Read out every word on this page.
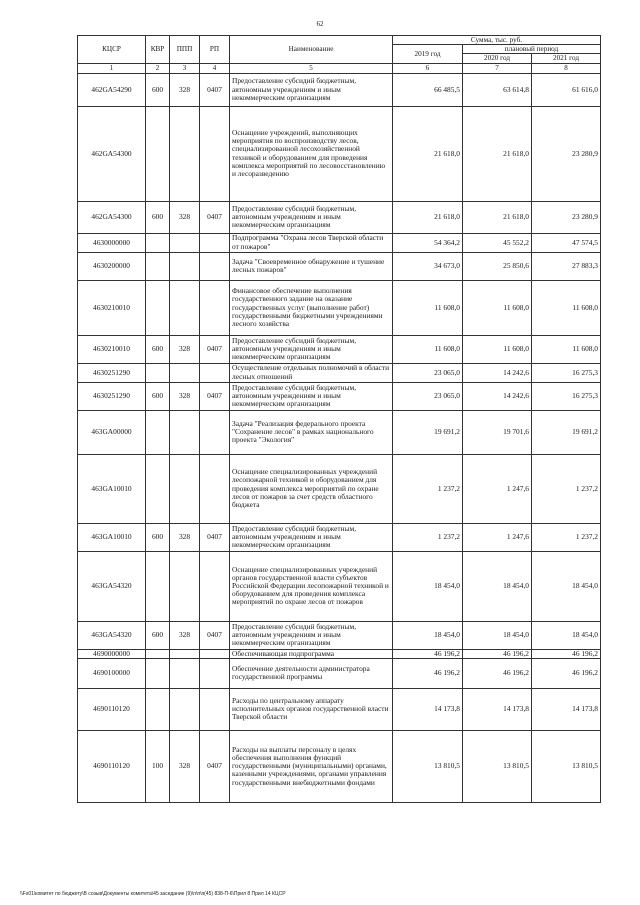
62
КЦСР	КВР	ППП	РП	Наименование	Сумма, тыс. руб.		
					2019 год	плановый период	
						2020 год	2021 год
1	2	3	4	5	6	7	8
462GA54290	600	328	0407	Предоставление субсидий бюджетным, автономным учреждениям и иным некоммерческим организациям	66 485,5	63 614,8	61 616,0
462GA54300				Оснащение учреждений, выполняющих мероприятия по воспроизводству лесов, специализированной лесохозяйственной техникой и оборудованием для проведения комплекса мероприятий по лесовосстановлению и лесоразведению	21 618,0	21 618,0	23 280,9
462GA54300	600	328	0407	Предоставление субсидий бюджетным, автономным учреждениям и иным некоммерческим организациям	21 618,0	21 618,0	23 280,9
4630000000				Подпрограмма "Охрана лесов Тверской области от пожаров"	54 364,2	45 552,2	47 574,5
4630200000				Задача "Своевременное обнаружение и тушение лесных пожаров"	34 673,0	25 850,6	27 883,3
4630210010				Финансовое обеспечение выполнения государственного задание на оказание государственных услуг (выполнение работ) государственными бюджетными учреждениями лесного хозяйства	11 608,0	11 608,0	11 608,0
4630210010	600	328	0407	Предоставление субсидий бюджетным, автономным учреждениям и иным некоммерческим организациям	11 608,0	11 608,0	11 608,0
4630251290				Осуществление отдельных полномочий в области лесных отношений	23 065,0	14 242,6	16 275,3
4630251290	600	328	0407	Предоставление субсидий бюджетным, автономным учреждениям и иным некоммерческим организациям	23 065,0	14 242,6	16 275,3
463GA00000				Задача "Реализация федерального проекта "Сохранение лесов" в рамках национального проекта "Экология"	19 691,2	19 701,6	19 691,2
463GA10010				Оснащение специализированных учреждений лесопожарной техникой и оборудованием для проведения комплекса мероприятий по охране лесов от пожаров за счет средств областного бюджета	1 237,2	1 247,6	1 237,2
463GA10010	600	328	0407	Предоставление субсидий бюджетным, автономным учреждениям и иным некоммерческим организациям	1 237,2	1 247,6	1 237,2
463GA54320				Оснащение специализированных учреждений органов государственной власти субъектов Российской Федерации лесопожарной техникой и оборудованием для проведения комплекса мероприятий по охране лесов от пожаров	18 454,0	18 454,0	18 454,0
463GA54320	600	328	0407	Предоставление субсидий бюджетным, автономным учреждениям и иным некоммерческим организациям	18 454,0	18 454,0	18 454,0
4690000000				Обеспечивающая подпрограмма	46 196,2	46 196,2	46 196,2
4690100000				Обеспечение деятельности администратора государственной программы	46 196,2	46 196,2	46 196,2
4690110120				Расходы по центральному аппарату исполнительных органов государственной власти Тверской области	14 173,8	14 173,8	14 173,8
4690110120	100	328	0407	Расходы на выплаты персоналу в целях обеспечения выполнения функций государственными (муниципальными) органами, казенными учреждениями, органами управления государственными внебюджетными фондами	13 810,5	13 810,5	13 810,5
\\Fs01\комитет по бюджету\В созыв\Документы комитета\45 заседание (9)\п\п\п(45) 838-П-6\Прил 8 Прил 14 КЦСР
